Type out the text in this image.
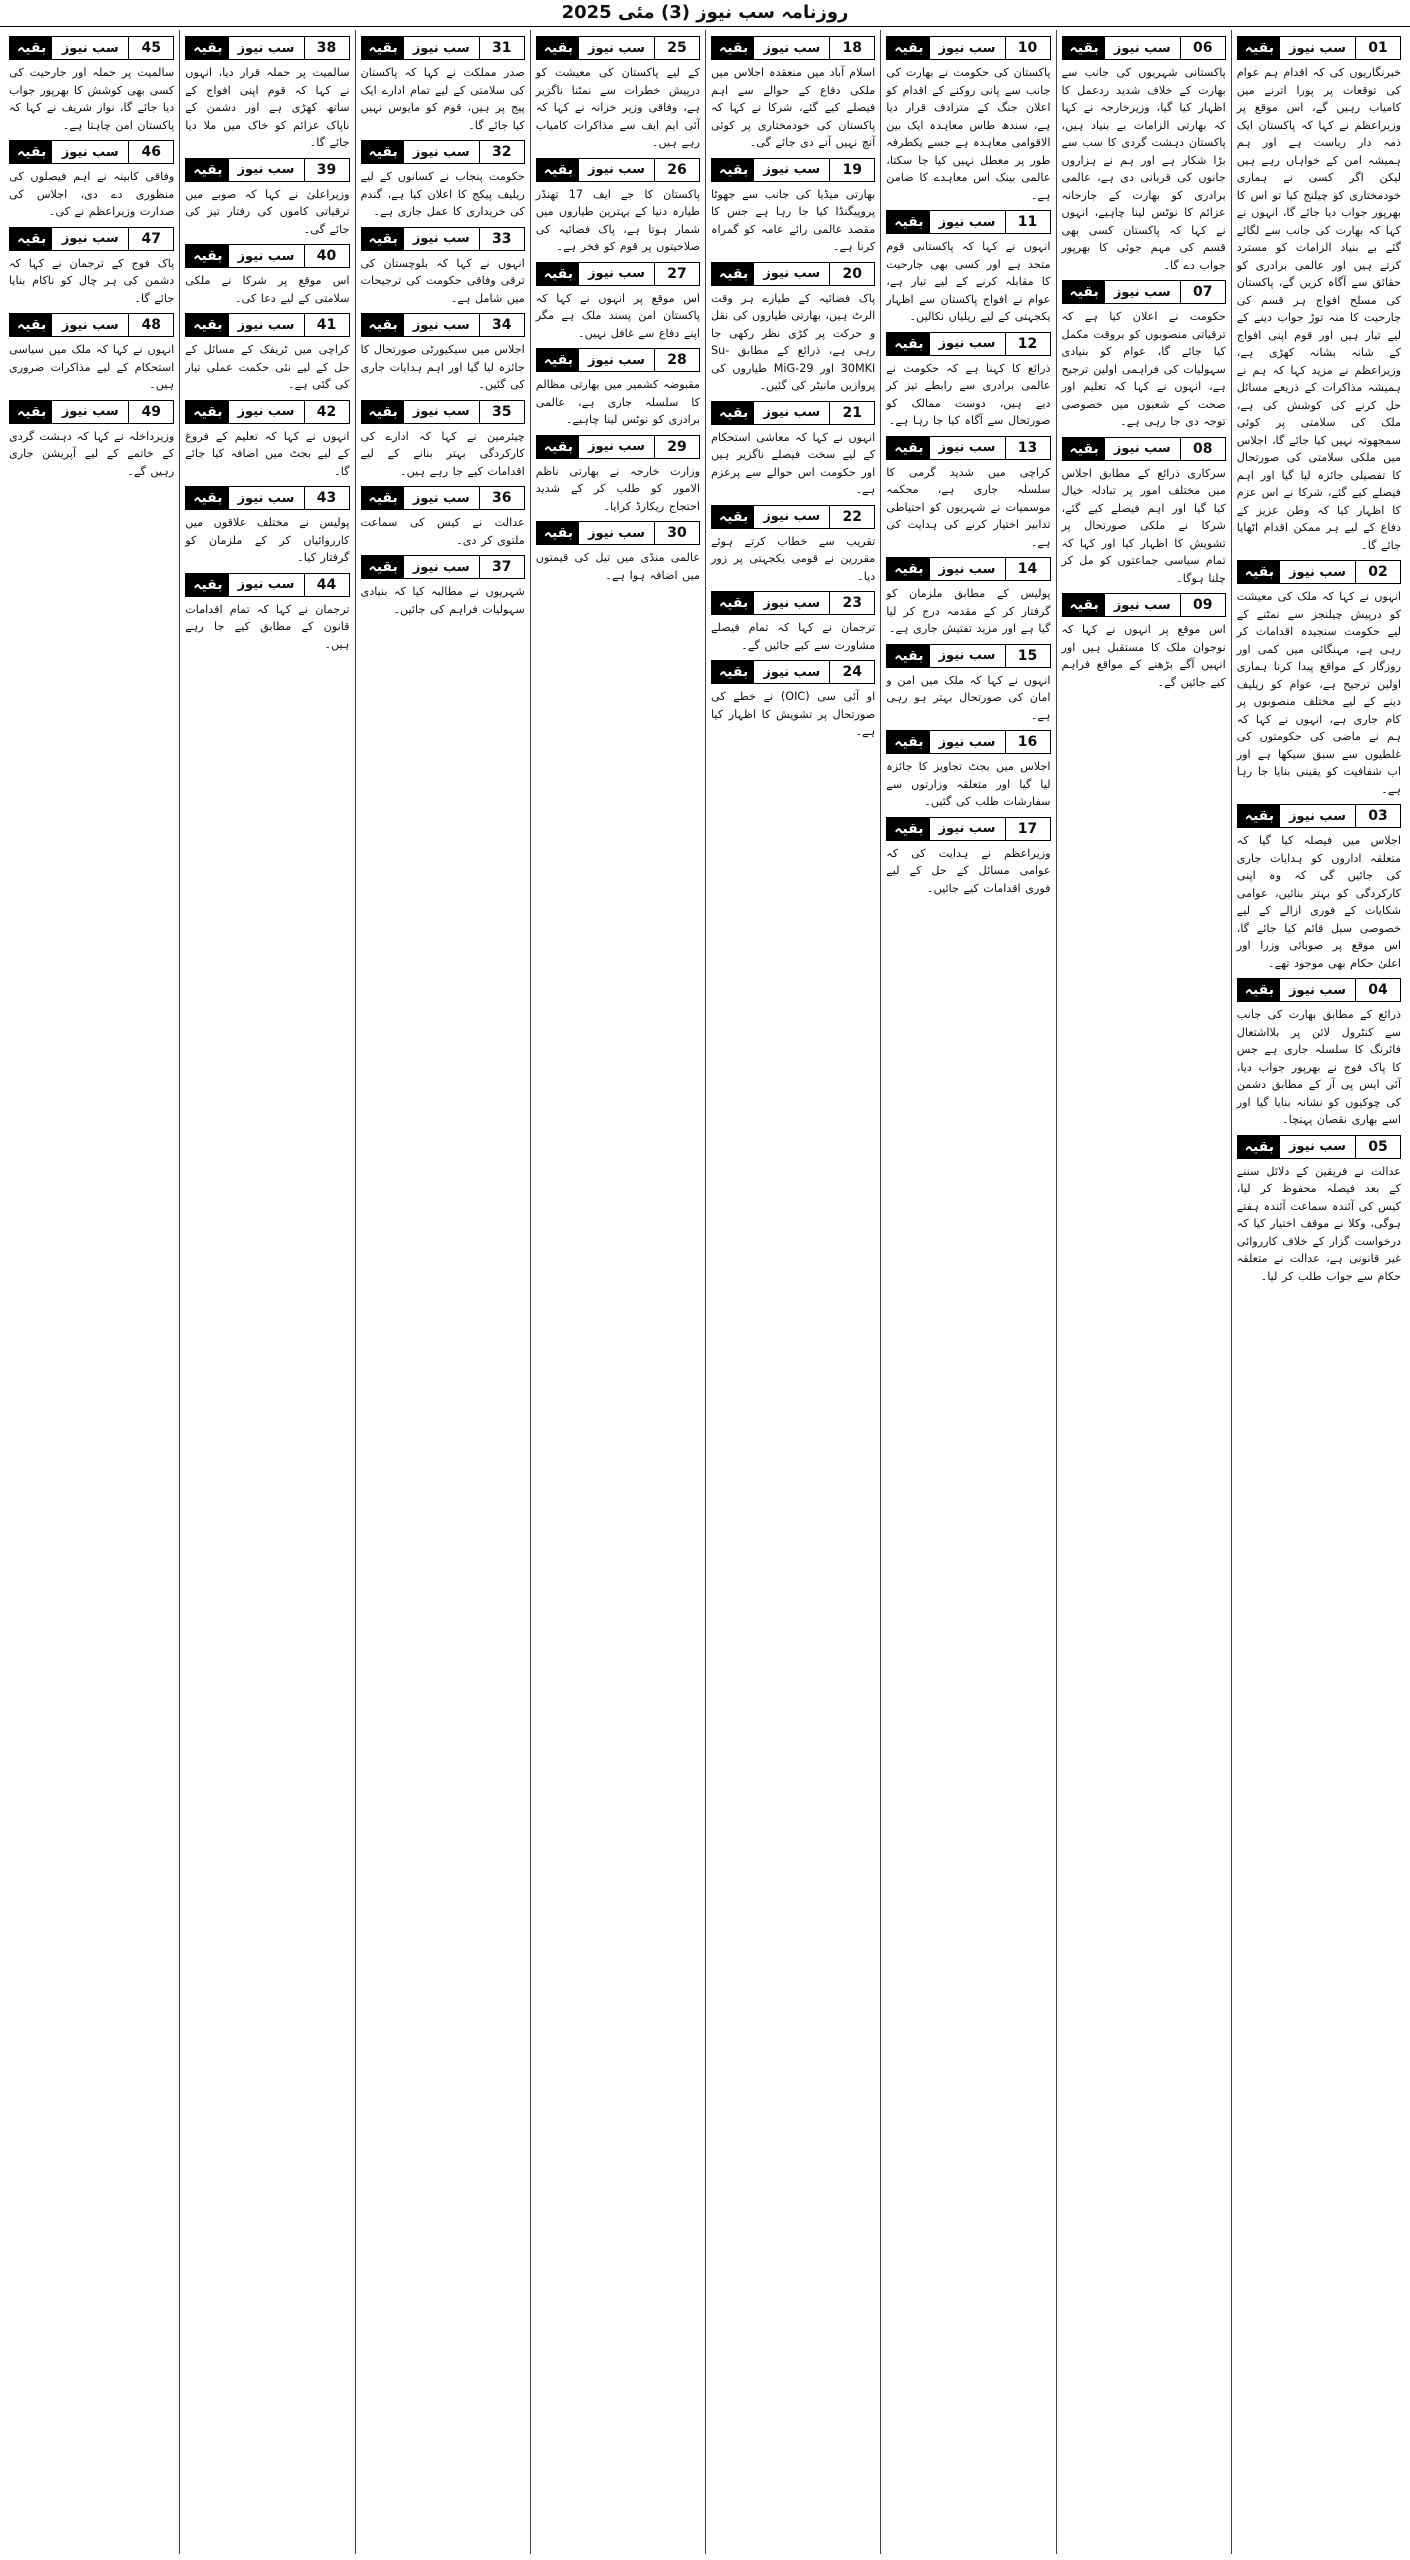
روزنامہ سب نیوز (3) مئی 2025
01
سب نیوز
بقیہ
خبرنگاریوں کی کہ اقدام ہم عوام کی توقعات پر پورا اترنے میں کامیاب رہیں گے، اس موقع پر وزیراعظم نے کہا کہ پاکستان ایک ذمہ دار ریاست ہے اور ہم ہمیشہ امن کے خواہاں رہے ہیں لیکن اگر کسی نے ہماری خودمختاری کو چیلنج کیا تو اس کا بھرپور جواب دیا جائے گا، انہوں نے کہا کہ بھارت کی جانب سے لگائے گئے بے بنیاد الزامات کو مسترد کرتے ہیں اور عالمی برادری کو حقائق سے آگاہ کریں گے، پاکستان کی مسلح افواج ہر قسم کی جارحیت کا منہ توڑ جواب دینے کے لیے تیار ہیں اور قوم اپنی افواج کے شانہ بشانہ کھڑی ہے، وزیراعظم نے مزید کہا کہ ہم نے ہمیشہ مذاکرات کے ذریعے مسائل حل کرنے کی کوشش کی ہے، ملک کی سلامتی پر کوئی سمجھوتہ نہیں کیا جائے گا، اجلاس میں ملکی سلامتی کی صورتحال کا تفصیلی جائزہ لیا گیا اور اہم فیصلے کیے گئے، شرکا نے اس عزم کا اظہار کیا کہ وطن عزیز کے دفاع کے لیے ہر ممکن اقدام اٹھایا جائے گا۔
02
سب نیوز
بقیہ
انہوں نے کہا کہ ملک کی معیشت کو درپیش چیلنجز سے نمٹنے کے لیے حکومت سنجیدہ اقدامات کر رہی ہے، مہنگائی میں کمی اور روزگار کے مواقع پیدا کرنا ہماری اولین ترجیح ہے، عوام کو ریلیف دینے کے لیے مختلف منصوبوں پر کام جاری ہے، انہوں نے کہا کہ ہم نے ماضی کی حکومتوں کی غلطیوں سے سبق سیکھا ہے اور اب شفافیت کو یقینی بنایا جا رہا ہے۔
03
سب نیوز
بقیہ
اجلاس میں فیصلہ کیا گیا کہ متعلقہ اداروں کو ہدایات جاری کی جائیں گی کہ وہ اپنی کارکردگی کو بہتر بنائیں، عوامی شکایات کے فوری ازالے کے لیے خصوصی سیل قائم کیا جائے گا، اس موقع پر صوبائی وزرا اور اعلیٰ حکام بھی موجود تھے۔
04
سب نیوز
بقیہ
ذرائع کے مطابق بھارت کی جانب سے کنٹرول لائن پر بلااشتعال فائرنگ کا سلسلہ جاری ہے جس کا پاک فوج نے بھرپور جواب دیا، آئی ایس پی آر کے مطابق دشمن کی چوکیوں کو نشانہ بنایا گیا اور اسے بھاری نقصان پہنچا۔
05
سب نیوز
بقیہ
عدالت نے فریقین کے دلائل سننے کے بعد فیصلہ محفوظ کر لیا، کیس کی آئندہ سماعت آئندہ ہفتے ہوگی، وکلا نے موقف اختیار کیا کہ درخواست گزار کے خلاف کارروائی غیر قانونی ہے، عدالت نے متعلقہ حکام سے جواب طلب کر لیا۔
06
سب نیوز
بقیہ
پاکستانی شہریوں کی جانب سے بھارت کے خلاف شدید ردعمل کا اظہار کیا گیا، وزیرخارجہ نے کہا کہ بھارتی الزامات بے بنیاد ہیں، پاکستان دہشت گردی کا سب سے بڑا شکار ہے اور ہم نے ہزاروں جانوں کی قربانی دی ہے، عالمی برادری کو بھارت کے جارحانہ عزائم کا نوٹس لینا چاہیے، انہوں نے کہا کہ پاکستان کسی بھی قسم کی مہم جوئی کا بھرپور جواب دے گا۔
07
سب نیوز
بقیہ
حکومت نے اعلان کیا ہے کہ ترقیاتی منصوبوں کو بروقت مکمل کیا جائے گا، عوام کو بنیادی سہولیات کی فراہمی اولین ترجیح ہے، انہوں نے کہا کہ تعلیم اور صحت کے شعبوں میں خصوصی توجہ دی جا رہی ہے۔
08
سب نیوز
بقیہ
سرکاری ذرائع کے مطابق اجلاس میں مختلف امور پر تبادلہ خیال کیا گیا اور اہم فیصلے کیے گئے، شرکا نے ملکی صورتحال پر تشویش کا اظہار کیا اور کہا کہ تمام سیاسی جماعتوں کو مل کر چلنا ہوگا۔
09
سب نیوز
بقیہ
اس موقع پر انہوں نے کہا کہ نوجوان ملک کا مستقبل ہیں اور انہیں آگے بڑھنے کے مواقع فراہم کیے جائیں گے۔
10
سب نیوز
بقیہ
پاکستان کی حکومت نے بھارت کی جانب سے پانی روکنے کے اقدام کو اعلان جنگ کے مترادف قرار دیا ہے، سندھ طاس معاہدہ ایک بین الاقوامی معاہدہ ہے جسے یکطرفہ طور پر معطل نہیں کیا جا سکتا، عالمی بینک اس معاہدے کا ضامن ہے۔
11
سب نیوز
بقیہ
انہوں نے کہا کہ پاکستانی قوم متحد ہے اور کسی بھی جارحیت کا مقابلہ کرنے کے لیے تیار ہے، عوام نے افواج پاکستان سے اظہار یکجہتی کے لیے ریلیاں نکالیں۔
12
سب نیوز
بقیہ
ذرائع کا کہنا ہے کہ حکومت نے عالمی برادری سے رابطے تیز کر دیے ہیں، دوست ممالک کو صورتحال سے آگاہ کیا جا رہا ہے۔
13
سب نیوز
بقیہ
کراچی میں شدید گرمی کا سلسلہ جاری ہے، محکمہ موسمیات نے شہریوں کو احتیاطی تدابیر اختیار کرنے کی ہدایت کی ہے۔
14
سب نیوز
بقیہ
پولیس کے مطابق ملزمان کو گرفتار کر کے مقدمہ درج کر لیا گیا ہے اور مزید تفتیش جاری ہے۔
15
سب نیوز
بقیہ
انہوں نے کہا کہ ملک میں امن و امان کی صورتحال بہتر ہو رہی ہے۔
16
سب نیوز
بقیہ
اجلاس میں بجٹ تجاویز کا جائزہ لیا گیا اور متعلقہ وزارتوں سے سفارشات طلب کی گئیں۔
17
سب نیوز
بقیہ
وزیراعظم نے ہدایت کی کہ عوامی مسائل کے حل کے لیے فوری اقدامات کیے جائیں۔
18
سب نیوز
بقیہ
اسلام آباد میں منعقدہ اجلاس میں ملکی دفاع کے حوالے سے اہم فیصلے کیے گئے، شرکا نے کہا کہ پاکستان کی خودمختاری پر کوئی آنچ نہیں آنے دی جائے گی۔
19
سب نیوز
بقیہ
بھارتی میڈیا کی جانب سے جھوٹا پروپیگنڈا کیا جا رہا ہے جس کا مقصد عالمی رائے عامہ کو گمراہ کرنا ہے۔
20
سب نیوز
بقیہ
پاک فضائیہ کے طیارے ہر وقت الرٹ ہیں، بھارتی طیاروں کی نقل و حرکت پر کڑی نظر رکھی جا رہی ہے، ذرائع کے مطابق Su-30MKI اور MiG-29 طیاروں کی پروازیں مانیٹر کی گئیں۔
21
سب نیوز
بقیہ
انہوں نے کہا کہ معاشی استحکام کے لیے سخت فیصلے ناگزیر ہیں اور حکومت اس حوالے سے پرعزم ہے۔
22
سب نیوز
بقیہ
تقریب سے خطاب کرتے ہوئے مقررین نے قومی یکجہتی پر زور دیا۔
23
سب نیوز
بقیہ
ترجمان نے کہا کہ تمام فیصلے مشاورت سے کیے جائیں گے۔
24
سب نیوز
بقیہ
او آئی سی (OIC) نے خطے کی صورتحال پر تشویش کا اظہار کیا ہے۔
25
سب نیوز
بقیہ
کے لیے پاکستان کی معیشت کو درپیش خطرات سے نمٹنا ناگزیر ہے، وفاقی وزیر خزانہ نے کہا کہ آئی ایم ایف سے مذاکرات کامیاب رہے ہیں۔
26
سب نیوز
بقیہ
پاکستان کا جے ایف 17 تھنڈر طیارہ دنیا کے بہترین طیاروں میں شمار ہوتا ہے، پاک فضائیہ کی صلاحیتوں پر قوم کو فخر ہے۔
27
سب نیوز
بقیہ
اس موقع پر انہوں نے کہا کہ پاکستان امن پسند ملک ہے مگر اپنے دفاع سے غافل نہیں۔
28
سب نیوز
بقیہ
مقبوضہ کشمیر میں بھارتی مظالم کا سلسلہ جاری ہے، عالمی برادری کو نوٹس لینا چاہیے۔
29
سب نیوز
بقیہ
وزارت خارجہ نے بھارتی ناظم الامور کو طلب کر کے شدید احتجاج ریکارڈ کرایا۔
30
سب نیوز
بقیہ
عالمی منڈی میں تیل کی قیمتوں میں اضافہ ہوا ہے۔
31
سب نیوز
بقیہ
صدر مملکت نے کہا کہ پاکستان کی سلامتی کے لیے تمام ادارے ایک پیج پر ہیں، قوم کو مایوس نہیں کیا جائے گا۔
32
سب نیوز
بقیہ
حکومت پنجاب نے کسانوں کے لیے ریلیف پیکج کا اعلان کیا ہے، گندم کی خریداری کا عمل جاری ہے۔
33
سب نیوز
بقیہ
انہوں نے کہا کہ بلوچستان کی ترقی وفاقی حکومت کی ترجیحات میں شامل ہے۔
34
سب نیوز
بقیہ
اجلاس میں سیکیورٹی صورتحال کا جائزہ لیا گیا اور اہم ہدایات جاری کی گئیں۔
35
سب نیوز
بقیہ
چیئرمین نے کہا کہ ادارے کی کارکردگی بہتر بنانے کے لیے اقدامات کیے جا رہے ہیں۔
36
سب نیوز
بقیہ
عدالت نے کیس کی سماعت ملتوی کر دی۔
37
سب نیوز
بقیہ
شہریوں نے مطالبہ کیا کہ بنیادی سہولیات فراہم کی جائیں۔
38
سب نیوز
بقیہ
سالمیت پر حملہ قرار دیا، انہوں نے کہا کہ قوم اپنی افواج کے ساتھ کھڑی ہے اور دشمن کے ناپاک عزائم کو خاک میں ملا دیا جائے گا۔
39
سب نیوز
بقیہ
وزیراعلیٰ نے کہا کہ صوبے میں ترقیاتی کاموں کی رفتار تیز کی جائے گی۔
40
سب نیوز
بقیہ
اس موقع پر شرکا نے ملکی سلامتی کے لیے دعا کی۔
41
سب نیوز
بقیہ
کراچی میں ٹریفک کے مسائل کے حل کے لیے نئی حکمت عملی تیار کی گئی ہے۔
42
سب نیوز
بقیہ
انہوں نے کہا کہ تعلیم کے فروغ کے لیے بجٹ میں اضافہ کیا جائے گا۔
43
سب نیوز
بقیہ
پولیس نے مختلف علاقوں میں کارروائیاں کر کے ملزمان کو گرفتار کیا۔
44
سب نیوز
بقیہ
ترجمان نے کہا کہ تمام اقدامات قانون کے مطابق کیے جا رہے ہیں۔
45
سب نیوز
بقیہ
سالمیت پر حملہ اور جارحیت کی کسی بھی کوشش کا بھرپور جواب دیا جائے گا، نواز شریف نے کہا کہ پاکستان امن چاہتا ہے۔
46
سب نیوز
بقیہ
وفاقی کابینہ نے اہم فیصلوں کی منظوری دے دی، اجلاس کی صدارت وزیراعظم نے کی۔
47
سب نیوز
بقیہ
پاک فوج کے ترجمان نے کہا کہ دشمن کی ہر چال کو ناکام بنایا جائے گا۔
48
سب نیوز
بقیہ
انہوں نے کہا کہ ملک میں سیاسی استحکام کے لیے مذاکرات ضروری ہیں۔
49
سب نیوز
بقیہ
وزیرداخلہ نے کہا کہ دہشت گردی کے خاتمے کے لیے آپریشن جاری رہیں گے۔
